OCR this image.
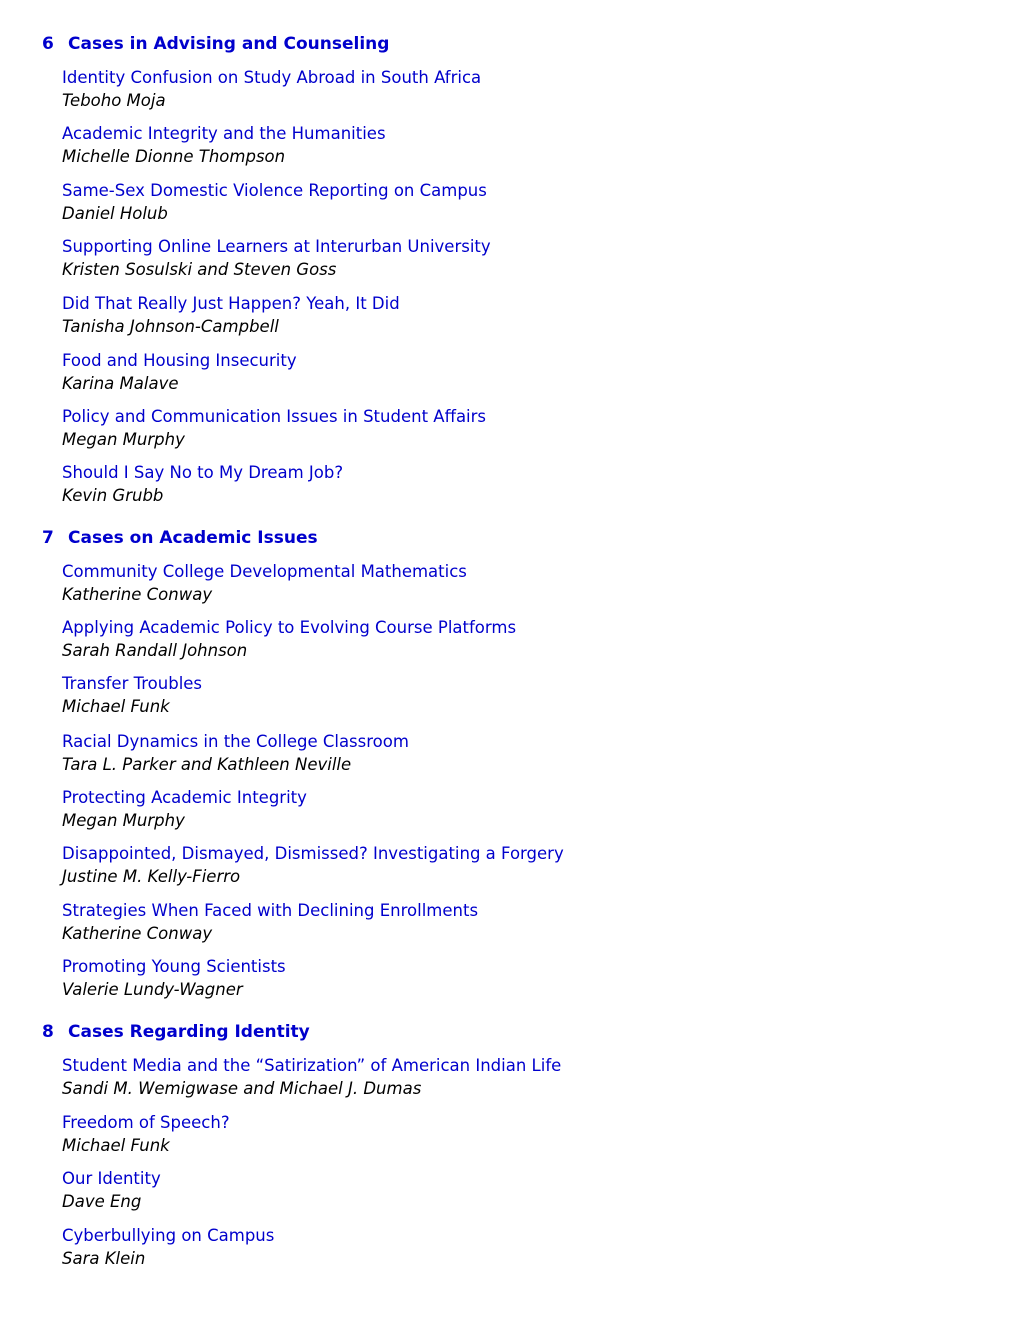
6 Cases in Advising and Counseling
Identity Confusion on Study Abroad in South Africa
Teboho Moja
Academic Integrity and the Humanities
Michelle Dionne Thompson
Same-Sex Domestic Violence Reporting on Campus
Daniel Holub
Supporting Online Learners at Interurban University
Kristen Sosulski and Steven Goss
Did That Really Just Happen? Yeah, It Did
Tanisha Johnson-Campbell
Food and Housing Insecurity
Karina Malave
Policy and Communication Issues in Student Affairs
Megan Murphy
Should I Say No to My Dream Job?
Kevin Grubb
7 Cases on Academic Issues
Community College Developmental Mathematics
Katherine Conway
Applying Academic Policy to Evolving Course Platforms
Sarah Randall Johnson
Transfer Troubles
Michael Funk
Racial Dynamics in the College Classroom
Tara L. Parker and Kathleen Neville
Protecting Academic Integrity
Megan Murphy
Disappointed, Dismayed, Dismissed? Investigating a Forgery
Justine M. Kelly-Fierro
Strategies When Faced with Declining Enrollments
Katherine Conway
Promoting Young Scientists
Valerie Lundy-Wagner
8 Cases Regarding Identity
Student Media and the “Satirization” of American Indian Life
Sandi M. Wemigwase and Michael J. Dumas
Freedom of Speech?
Michael Funk
Our Identity
Dave Eng
Cyberbullying on Campus
Sara Klein
